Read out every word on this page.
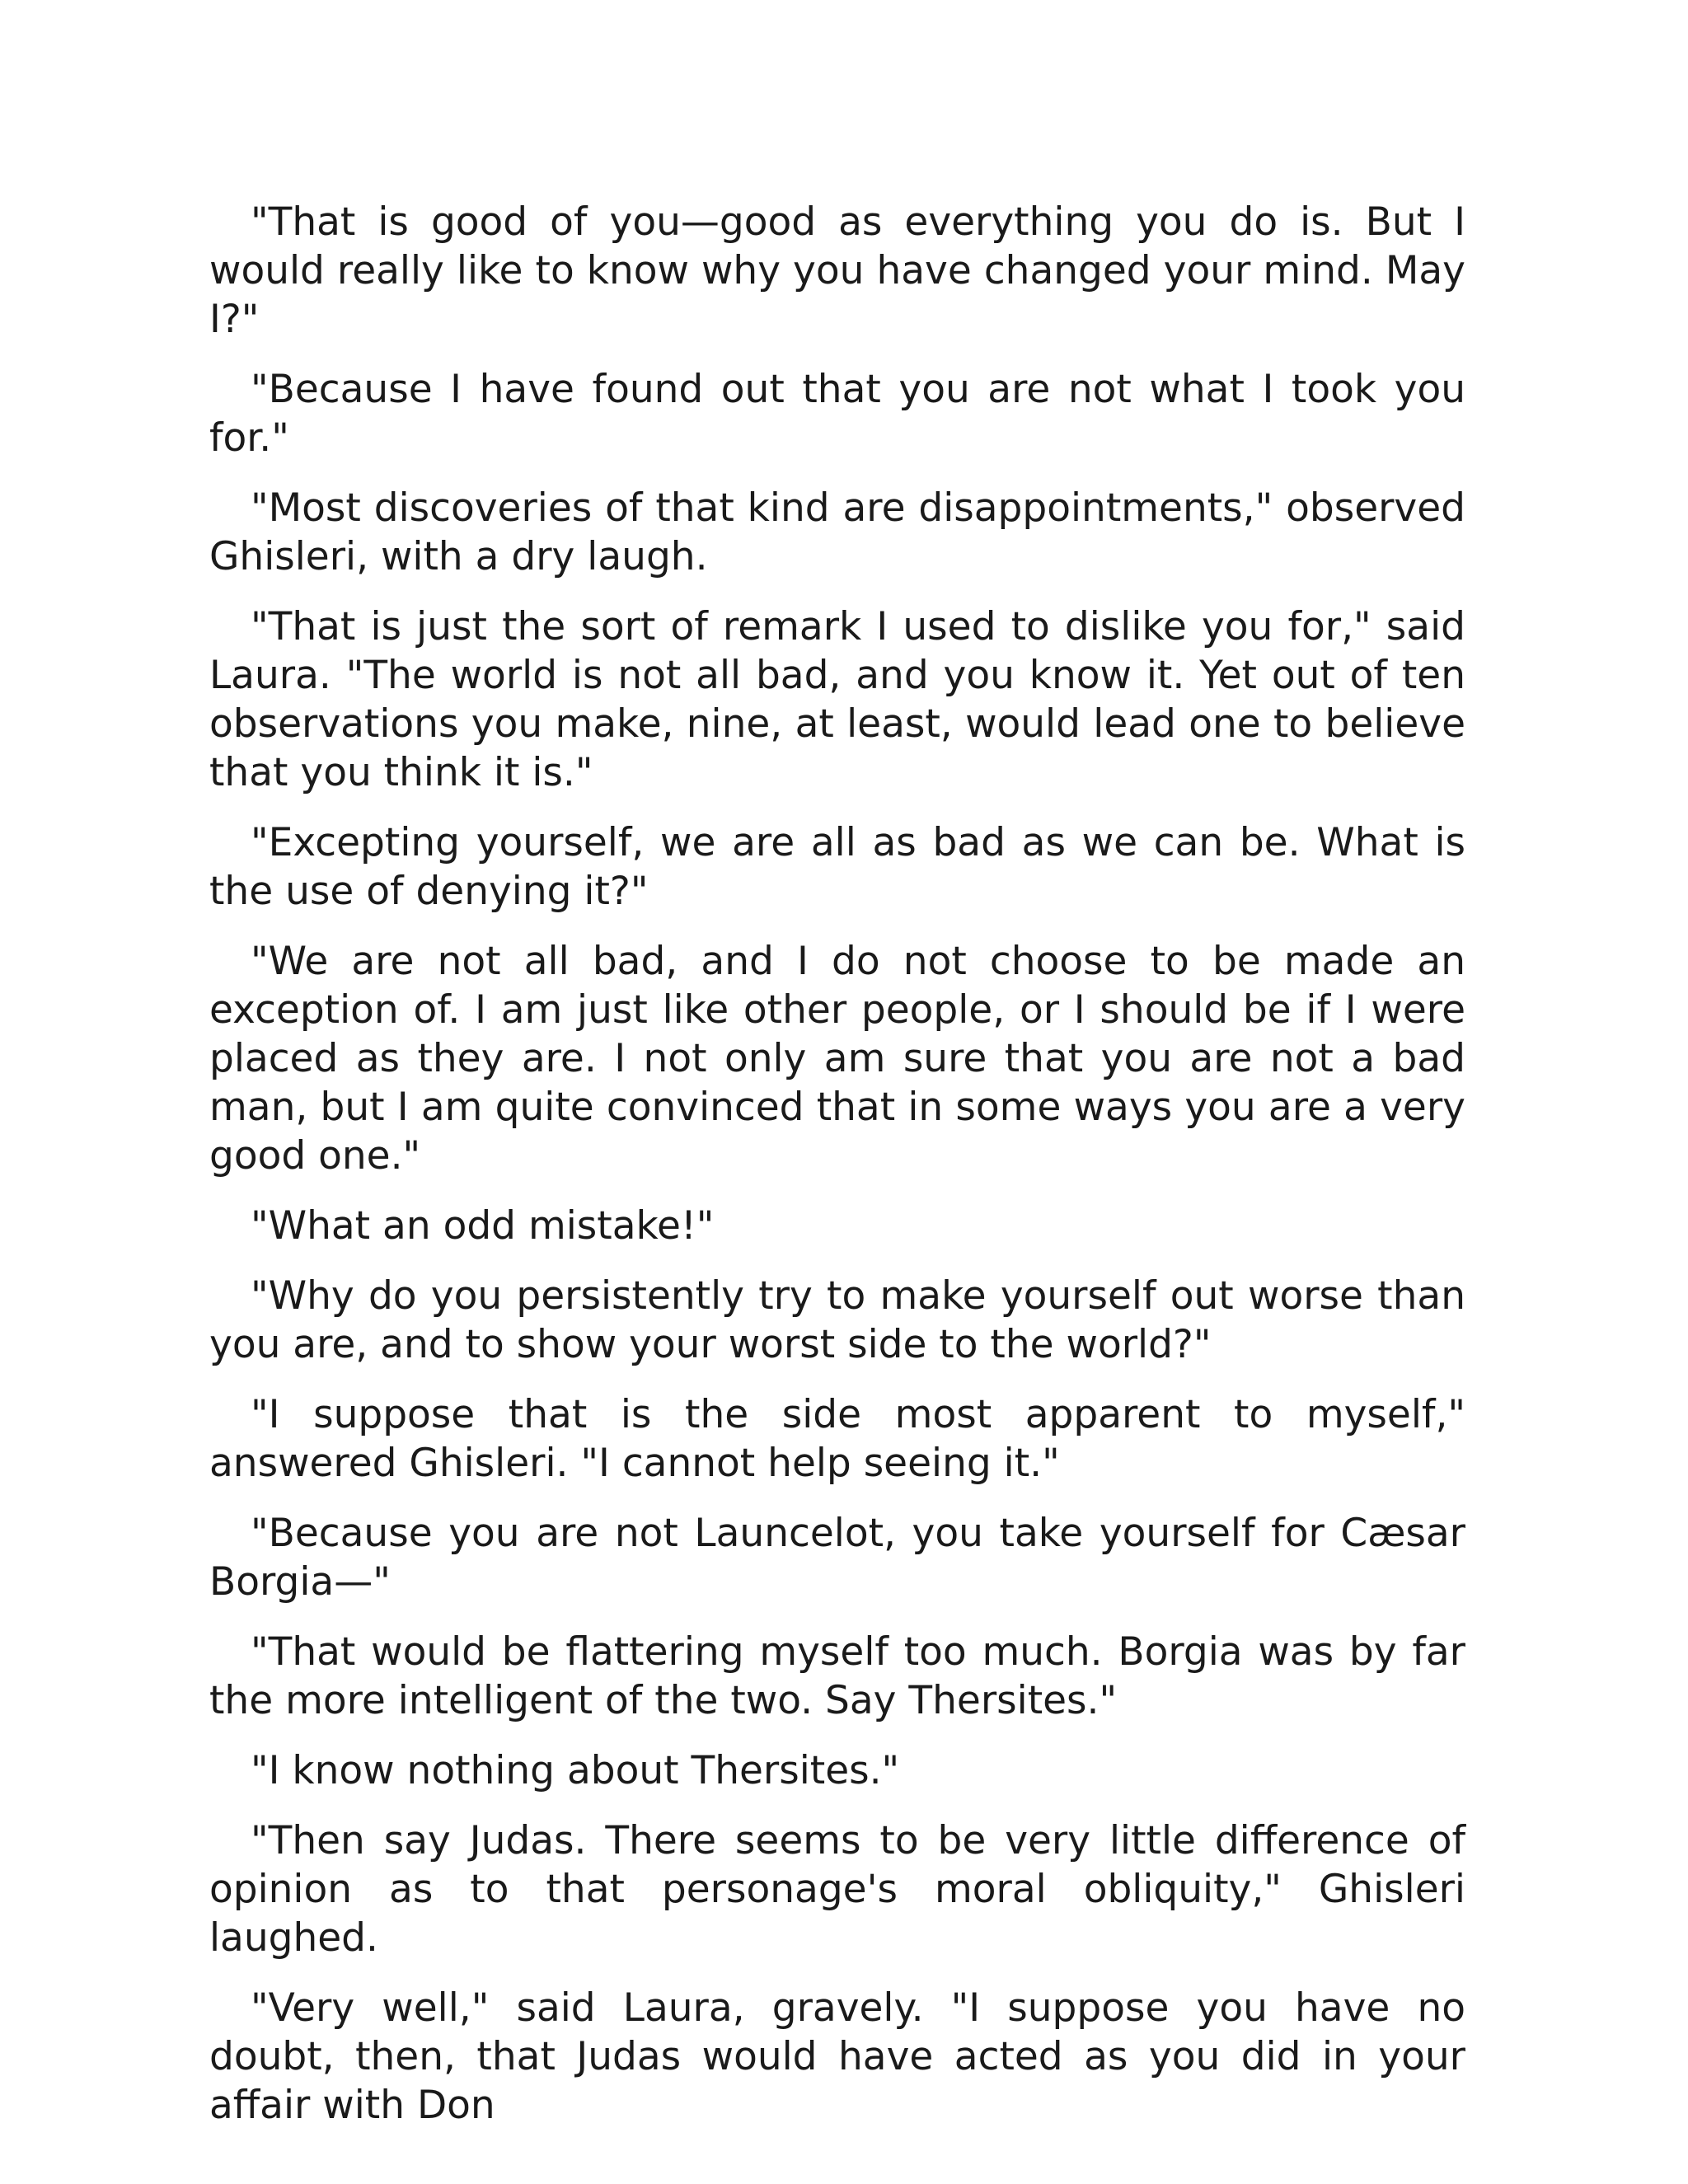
"That is good of you—good as everything you do is. But I would really like to know why you have changed your mind. May I?"

"Because I have found out that you are not what I took you for."

"Most discoveries of that kind are disappointments," observed Ghisleri, with a dry laugh.

"That is just the sort of remark I used to dislike you for," said Laura. "The world is not all bad, and you know it. Yet out of ten observations you make, nine, at least, would lead one to believe that you think it is."

"Excepting yourself, we are all as bad as we can be. What is the use of denying it?"

"We are not all bad, and I do not choose to be made an exception of. I am just like other people, or I should be if I were placed as they are. I not only am sure that you are not a bad man, but I am quite convinced that in some ways you are a very good one."

"What an odd mistake!"

"Why do you persistently try to make yourself out worse than you are, and to show your worst side to the world?"

"I suppose that is the side most apparent to myself," answered Ghisleri. "I cannot help seeing it."

"Because you are not Launcelot, you take yourself for Cæsar Borgia—"

"That would be flattering myself too much. Borgia was by far the more intelligent of the two. Say Thersites."

"I know nothing about Thersites."

"Then say Judas. There seems to be very little difference of opinion as to that personage's moral obliquity," Ghisleri laughed.

"Very well," said Laura, gravely. "I suppose you have no doubt, then, that Judas would have acted as you did in your affair with Don
